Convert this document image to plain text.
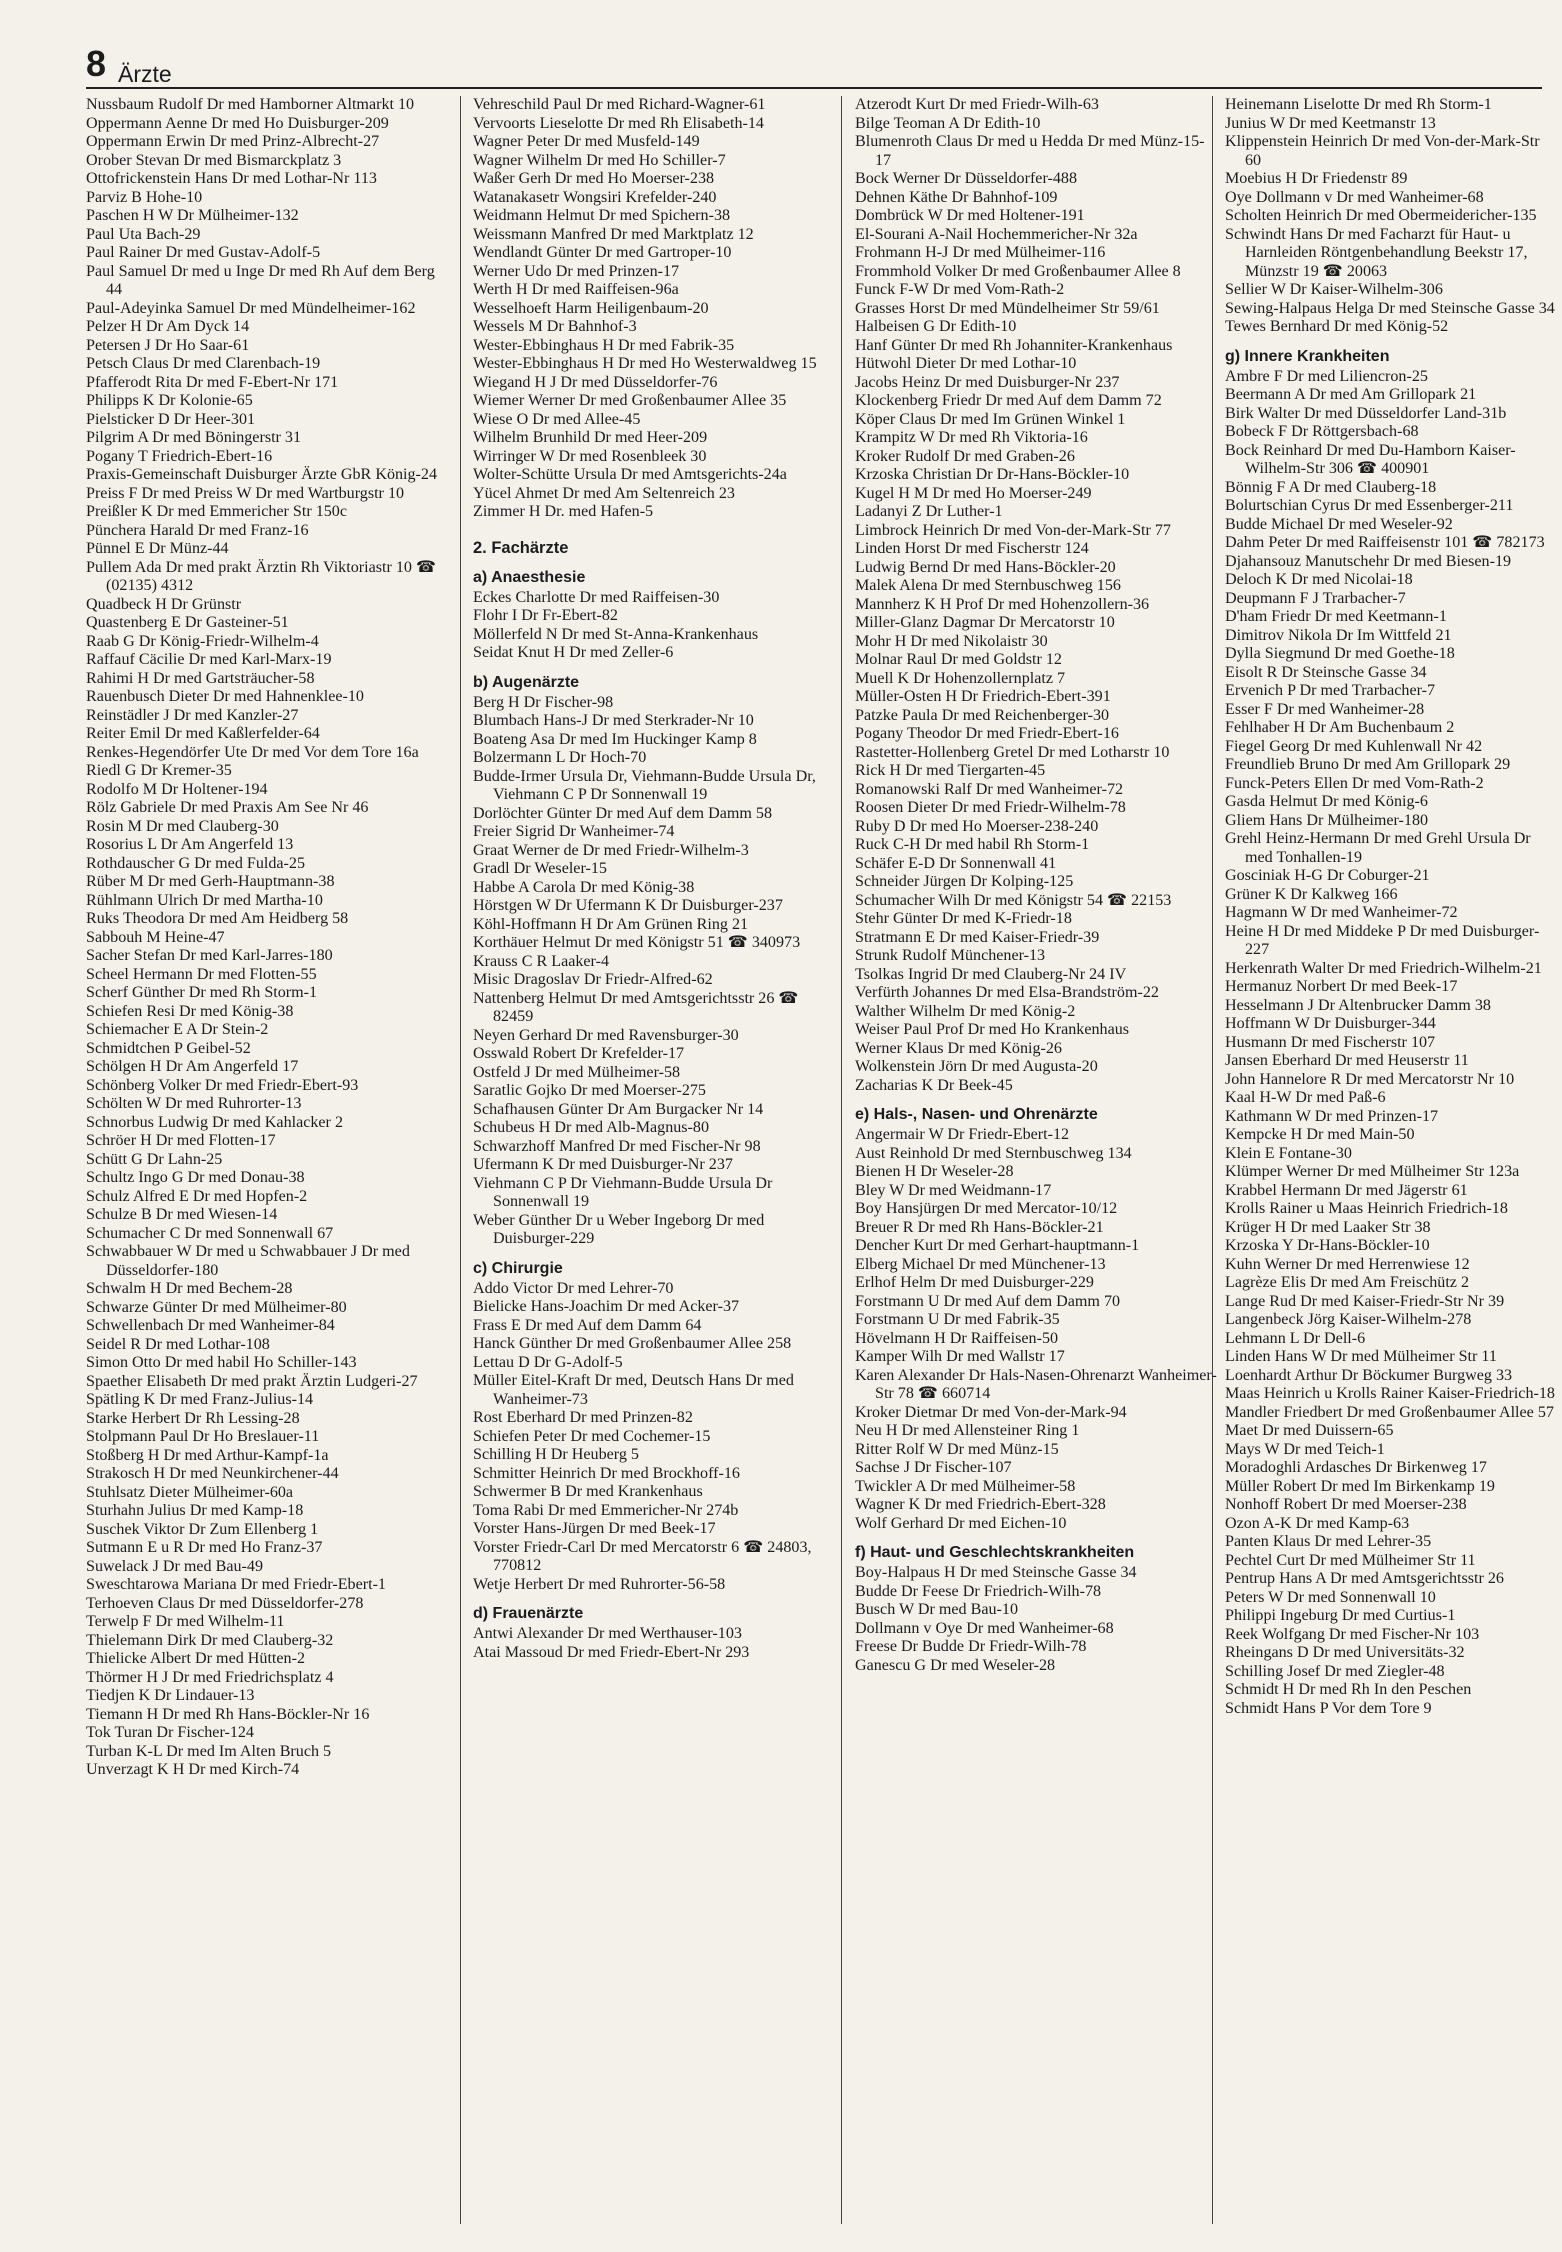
8 Ärzte
Nussbaum Rudolf Dr med Hamborner Altmarkt 10
Oppermann Aenne Dr med Ho Duisburger-209
Oppermann Erwin Dr med Prinz-Albrecht-27
Orober Stevan Dr med Bismarckplatz 3
Ottofrickenstein Hans Dr med Lothar-Nr 113
Parviz B Hohe-10
Paschen H W Dr Mülheimer-132
Paul Uta Bach-29
Paul Rainer Dr med Gustav-Adolf-5
Paul Samuel Dr med u Inge Dr med Rh Auf dem Berg 44
Paul-Adeyinka Samuel Dr med Mündelheimer-162
Pelzer H Dr Am Dyck 14
Petersen J Dr Ho Saar-61
Petsch Claus Dr med Clarenbach-19
Pfafferodt Rita Dr med F-Ebert-Nr 171
Philipps K Dr Kolonie-65
Pielsticker D Dr Heer-301
Pilgrim A Dr med Böningerstr 31
Pogany T Friedrich-Ebert-16
Praxis-Gemeinschaft Duisburger Ärzte GbR König-24
Preiss F Dr med Preiss W Dr med Wartburgstr 10
Preißler K Dr med Emmericher Str 150c
Pünchera Harald Dr med Franz-16
Pünnel E Dr Münz-44
Pullem Ada Dr med prakt Ärztin Rh Viktoriastr 10 ☎ (02135) 4312
Quadbeck H Dr Grünstr
Quastenberg E Dr Gasteiner-51
Raab G Dr König-Friedr-Wilhelm-4
Raffauf Cäcilie Dr med Karl-Marx-19
Rahimi H Dr med Gartsträucher-58
Rauenbusch Dieter Dr med Hahnenklee-10
Reinstädler J Dr med Kanzler-27
Reiter Emil Dr med Kaßlerfelder-64
Renkes-Hegendörfer Ute Dr med Vor dem Tore 16a
Riedl G Dr Kremer-35
Rodolfo M Dr Holtener-194
Rölz Gabriele Dr med Praxis Am See Nr 46
Rosin M Dr med Clauberg-30
Rosorius L Dr Am Angerfeld 13
Rothdauscher G Dr med Fulda-25
Rüber M Dr med Gerh-Hauptmann-38
Rühlmann Ulrich Dr med Martha-10
Ruks Theodora Dr med Am Heidberg 58
Sabbouh M Heine-47
Sacher Stefan Dr med Karl-Jarres-180
Scheel Hermann Dr med Flotten-55
Scherf Günther Dr med Rh Storm-1
Schiefen Resi Dr med König-38
Schiemacher E A Dr Stein-2
Schmidtchen P Geibel-52
Schölgen H Dr Am Angerfeld 17
Schönberg Volker Dr med Friedr-Ebert-93
Schölten W Dr med Ruhrorter-13
Schnorbus Ludwig Dr med Kahlacker 2
Schröer H Dr med Flotten-17
Schütt G Dr Lahn-25
Schultz Ingo G Dr med Donau-38
Schulz Alfred E Dr med Hopfen-2
Schulze B Dr med Wiesen-14
Schumacher C Dr med Sonnenwall 67
Schwabbauer W Dr med u Schwabbauer J Dr med Düsseldorfer-180
Schwalm H Dr med Bechem-28
Schwarze Günter Dr med Mülheimer-80
Schwellenbach Dr med Wanheimer-84
Seidel R Dr med Lothar-108
Simon Otto Dr med habil Ho Schiller-143
Spaether Elisabeth Dr med prakt Ärztin Ludgeri-27
Spätling K Dr med Franz-Julius-14
Starke Herbert Dr Rh Lessing-28
Stolpmann Paul Dr Ho Breslauer-11
Stoßberg H Dr med Arthur-Kampf-1a
Strakosch H Dr med Neunkirchener-44
Stuhlsatz Dieter Mülheimer-60a
Sturhahn Julius Dr med Kamp-18
Suschek Viktor Dr Zum Ellenberg 1
Sutmann E u R Dr med Ho Franz-37
Suwelack J Dr med Bau-49
Sweschtarowa Mariana Dr med Friedr-Ebert-1
Terhoeven Claus Dr med Düsseldorfer-278
Terwelp F Dr med Wilhelm-11
Thielemann Dirk Dr med Clauberg-32
Thielicke Albert Dr med Hütten-2
Thörmer H J Dr med Friedrichsplatz 4
Tiedjen K Dr Lindauer-13
Tiemann H Dr med Rh Hans-Böckler-Nr 16
Tok Turan Dr Fischer-124
Turban K-L Dr med Im Alten Bruch 5
Unverzagt K H Dr med Kirch-74
Vehreschild Paul Dr med Richard-Wagner-61
Vervoorts Lieselotte Dr med Rh Elisabeth-14
Wagner Peter Dr med Musfeld-149
Wagner Wilhelm Dr med Ho Schiller-7
Waßer Gerh Dr med Ho Moerser-238
Watanakasetr Wongsiri Krefelder-240
Weidmann Helmut Dr med Spichern-38
Weissmann Manfred Dr med Marktplatz 12
Wendlandt Günter Dr med Gartroper-10
Werner Udo Dr med Prinzen-17
Werth H Dr med Raiffeisen-96a
Wesselhoeft Harm Heiligenbaum-20
Wessels M Dr Bahnhof-3
Wester-Ebbinghaus H Dr med Fabrik-35
Wester-Ebbinghaus H Dr med Ho Westerwaldweg 15
Wiegand H J Dr med Düsseldorfer-76
Wiemer Werner Dr med Großenbaumer Allee 35
Wiese O Dr med Allee-45
Wilhelm Brunhild Dr med Heer-209
Wirringer W Dr med Rosenbleek 30
Wolter-Schütte Ursula Dr med Amtsgerichts-24a
Yücel Ahmet Dr med Am Seltenreich 23
Zimmer H Dr. med Hafen-5
2. Fachärzte
a) Anaesthesie
Eckes Charlotte Dr med Raiffeisen-30
Flohr I Dr Fr-Ebert-82
Möllerfeld N Dr med St-Anna-Krankenhaus
Seidat Knut H Dr med Zeller-6
b) Augenärzte
Berg H Dr Fischer-98
Blumbach Hans-J Dr med Sterkrader-Nr 10
Boateng Asa Dr med Im Huckinger Kamp 8
Bolzermann L Dr Hoch-70
Budde-Irmer Ursula Dr, Viehmann-Budde Ursula Dr, Viehmann C P Dr Sonnenwall 19
Dorlöchter Günter Dr med Auf dem Damm 58
Freier Sigrid Dr Wanheimer-74
Graat Werner de Dr med Friedr-Wilhelm-3
Gradl Dr Weseler-15
Habbe A Carola Dr med König-38
Hörstgen W Dr Ufermann K Dr Duisburger-237
Köhl-Hoffmann H Dr Am Grünen Ring 21
Korthäuer Helmut Dr med Königstr 51 ☎ 340973
Krauss C R Laaker-4
Misic Dragoslav Dr Friedr-Alfred-62
Nattenberg Helmut Dr med Amtsgerichtsstr 26 ☎ 82459
Neyen Gerhard Dr med Ravensburger-30
Osswald Robert Dr Krefelder-17
Ostfeld J Dr med Mülheimer-58
Saratlic Gojko Dr med Moerser-275
Schafhausen Günter Dr Am Burgacker Nr 14
Schubeus H Dr med Alb-Magnus-80
Schwarzhoff Manfred Dr med Fischer-Nr 98
Ufermann K Dr med Duisburger-Nr 237
Viehmann C P Dr Viehmann-Budde Ursula Dr Sonnenwall 19
Weber Günther Dr u Weber Ingeborg Dr med Duisburger-229
c) Chirurgie
Addo Victor Dr med Lehrer-70
Bielicke Hans-Joachim Dr med Acker-37
Frass E Dr med Auf dem Damm 64
Hanck Günther Dr med Großenbaumer Allee 258
Lettau D Dr G-Adolf-5
Müller Eitel-Kraft Dr med, Deutsch Hans Dr med Wanheimer-73
Rost Eberhard Dr med Prinzen-82
Schiefen Peter Dr med Cochemer-15
Schilling H Dr Heuberg 5
Schmitter Heinrich Dr med Brockhoff-16
Schwermer B Dr med Krankenhaus
Toma Rabi Dr med Emmericher-Nr 274b
Vorster Hans-Jürgen Dr med Beek-17
Vorster Friedr-Carl Dr med Mercatorstr 6 ☎ 24803, 770812
Wetje Herbert Dr med Ruhrorter-56-58
d) Frauenärzte
Antwi Alexander Dr med Werthauser-103
Atai Massoud Dr med Friedr-Ebert-Nr 293
Atzerodt Kurt Dr med Friedr-Wilh-63
Bilge Teoman A Dr Edith-10
Blumenroth Claus Dr med u Hedda Dr med Münz-15-17
Bock Werner Dr Düsseldorfer-488
Dehnen Käthe Dr Bahnhof-109
Dombrück W Dr med Holtener-191
El-Sourani A-Nail Hochemmericher-Nr 32a
Frohmann H-J Dr med Mülheimer-116
Frommhold Volker Dr med Großenbaumer Allee 8
Funck F-W Dr med Vom-Rath-2
Grasses Horst Dr med Mündelheimer Str 59/61
Halbeisen G Dr Edith-10
Hanf Günter Dr med Rh Johanniter-Krankenhaus
Hütwohl Dieter Dr med Lothar-10
Jacobs Heinz Dr med Duisburger-Nr 237
Klockenberg Friedr Dr med Auf dem Damm 72
Köper Claus Dr med Im Grünen Winkel 1
Krampitz W Dr med Rh Viktoria-16
Kroker Rudolf Dr med Graben-26
Krzoska Christian Dr Dr-Hans-Böckler-10
Kugel H M Dr med Ho Moerser-249
Ladanyi Z Dr Luther-1
Limbrock Heinrich Dr med Von-der-Mark-Str 77
Linden Horst Dr med Fischerstr 124
Ludwig Bernd Dr med Hans-Böckler-20
Malek Alena Dr med Sternbuschweg 156
Mannherz K H Prof Dr med Hohenzollern-36
Miller-Glanz Dagmar Dr Mercatorstr 10
Mohr H Dr med Nikolaistr 30
Molnar Raul Dr med Goldstr 12
Muell K Dr Hohenzollernplatz 7
Müller-Osten H Dr Friedrich-Ebert-391
Patzke Paula Dr med Reichenberger-30
Pogany Theodor Dr med Friedr-Ebert-16
Rastetter-Hollenberg Gretel Dr med Lotharstr 10
Rick H Dr med Tiergarten-45
Romanowski Ralf Dr med Wanheimer-72
Roosen Dieter Dr med Friedr-Wilhelm-78
Ruby D Dr med Ho Moerser-238-240
Ruck C-H Dr med habil Rh Storm-1
Schäfer E-D Dr Sonnenwall 41
Schneider Jürgen Dr Kolping-125
Schumacher Wilh Dr med Königstr 54 ☎ 22153
Stehr Günter Dr med K-Friedr-18
Stratmann E Dr med Kaiser-Friedr-39
Strunk Rudolf Münchener-13
Tsolkas Ingrid Dr med Clauberg-Nr 24 IV
Verfürth Johannes Dr med Elsa-Brandström-22
Walther Wilhelm Dr med König-2
Weiser Paul Prof Dr med Ho Krankenhaus
Werner Klaus Dr med König-26
Wolkenstein Jörn Dr med Augusta-20
Zacharias K Dr Beek-45
e) Hals-, Nasen- und Ohrenärzte
Angermair W Dr Friedr-Ebert-12
Aust Reinhold Dr med Sternbuschweg 134
Bienen H Dr Weseler-28
Bley W Dr med Weidmann-17
Boy Hansjürgen Dr med Mercator-10/12
Breuer R Dr med Rh Hans-Böckler-21
Dencher Kurt Dr med Gerhart-hauptmann-1
Elberg Michael Dr med Münchener-13
Erlhof Helm Dr med Duisburger-229
Forstmann U Dr med Auf dem Damm 70
Forstmann U Dr med Fabrik-35
Hövelmann H Dr Raiffeisen-50
Kamper Wilh Dr med Wallstr 17
Karen Alexander Dr Hals-Nasen-Ohrenarzt Wanheimer-Str 78 ☎ 660714
Kroker Dietmar Dr med Von-der-Mark-94
Neu H Dr med Allensteiner Ring 1
Ritter Rolf W Dr med Münz-15
Sachse J Dr Fischer-107
Twickler A Dr med Mülheimer-58
Wagner K Dr med Friedrich-Ebert-328
Wolf Gerhard Dr med Eichen-10
f) Haut- und Geschlechtskrankheiten
Boy-Halpaus H Dr med Steinsche Gasse 34
Budde Dr Feese Dr Friedrich-Wilh-78
Busch W Dr med Bau-10
Dollmann v Oye Dr med Wanheimer-68
Freese Dr Budde Dr Friedr-Wilh-78
Ganescu G Dr med Weseler-28
Heinemann Liselotte Dr med Rh Storm-1
Junius W Dr med Keetmanstr 13
Klippenstein Heinrich Dr med Von-der-Mark-Str 60
Moebius H Dr Friedenstr 89
Oye Dollmann v Dr med Wanheimer-68
Scholten Heinrich Dr med Obermeidericher-135
Schwindt Hans Dr med Facharzt für Haut- u Harnleiden Röntgenbehandlung Beekstr 17, Münzstr 19 ☎ 20063
Sellier W Dr Kaiser-Wilhelm-306
Sewing-Halpaus Helga Dr med Steinsche Gasse 34
Tewes Bernhard Dr med König-52
g) Innere Krankheiten
Ambre F Dr med Liliencron-25
Beermann A Dr med Am Grillopark 21
Birk Walter Dr med Düsseldorfer Land-31b
Bobeck F Dr Röttgersbach-68
Bock Reinhard Dr med Du-Hamborn Kaiser-Wilhelm-Str 306 ☎ 400901
Bönnig F A Dr med Clauberg-18
Bolurtschian Cyrus Dr med Essenberger-211
Budde Michael Dr med Weseler-92
Dahm Peter Dr med Raiffeisenstr 101 ☎ 782173
Djahansouz Manutschehr Dr med Biesen-19
Deloch K Dr med Nicolai-18
Deupmann F J Trarbacher-7
D'ham Friedr Dr med Keetmann-1
Dimitrov Nikola Dr Im Wittfeld 21
Dylla Siegmund Dr med Goethe-18
Eisolt R Dr Steinsche Gasse 34
Ervenich P Dr med Trarbacher-7
Esser F Dr med Wanheimer-28
Fehlhaber H Dr Am Buchenbaum 2
Fiegel Georg Dr med Kuhlenwall Nr 42
Freundlieb Bruno Dr med Am Grillopark 29
Funck-Peters Ellen Dr med Vom-Rath-2
Gasda Helmut Dr med König-6
Gliem Hans Dr Mülheimer-180
Grehl Heinz-Hermann Dr med Grehl Ursula Dr med Tonhallen-19
Gosciniak H-G Dr Coburger-21
Grüner K Dr Kalkweg 166
Hagmann W Dr med Wanheimer-72
Heine H Dr med Middeke P Dr med Duisburger-227
Herkenrath Walter Dr med Friedrich-Wilhelm-21
Hermanuz Norbert Dr med Beek-17
Hesselmann J Dr Altenbrucker Damm 38
Hoffmann W Dr Duisburger-344
Husmann Dr med Fischerstr 107
Jansen Eberhard Dr med Heuserstr 11
John Hannelore R Dr med Mercatorstr Nr 10
Kaal H-W Dr med Paß-6
Kathmann W Dr med Prinzen-17
Kempcke H Dr med Main-50
Klein E Fontane-30
Klümper Werner Dr med Mülheimer Str 123a
Krabbel Hermann Dr med Jägerstr 61
Krolls Rainer u Maas Heinrich Friedrich-18
Krüger H Dr med Laaker Str 38
Krzoska Y Dr-Hans-Böckler-10
Kuhn Werner Dr med Herrenwiese 12
Lagrèze Elis Dr med Am Freischütz 2
Lange Rud Dr med Kaiser-Friedr-Str Nr 39
Langenbeck Jörg Kaiser-Wilhelm-278
Lehmann L Dr Dell-6
Linden Hans W Dr med Mülheimer Str 11
Loenhardt Arthur Dr Böckumer Burgweg 33
Maas Heinrich u Krolls Rainer Kaiser-Friedrich-18
Mandler Friedbert Dr med Großenbaumer Allee 57
Maet Dr med Duissern-65
Mays W Dr med Teich-1
Moradoghli Ardasches Dr Birkenweg 17
Müller Robert Dr med Im Birkenkamp 19
Nonhoff Robert Dr med Moerser-238
Ozon A-K Dr med Kamp-63
Panten Klaus Dr med Lehrer-35
Pechtel Curt Dr med Mülheimer Str 11
Pentrup Hans A Dr med Amtsgerichtsstr 26
Peters W Dr med Sonnenwall 10
Philippi Ingeburg Dr med Curtius-1
Reek Wolfgang Dr med Fischer-Nr 103
Rheingans D Dr med Universitäts-32
Schilling Josef Dr med Ziegler-48
Schmidt H Dr med Rh In den Peschen
Schmidt Hans P Vor dem Tore 9
